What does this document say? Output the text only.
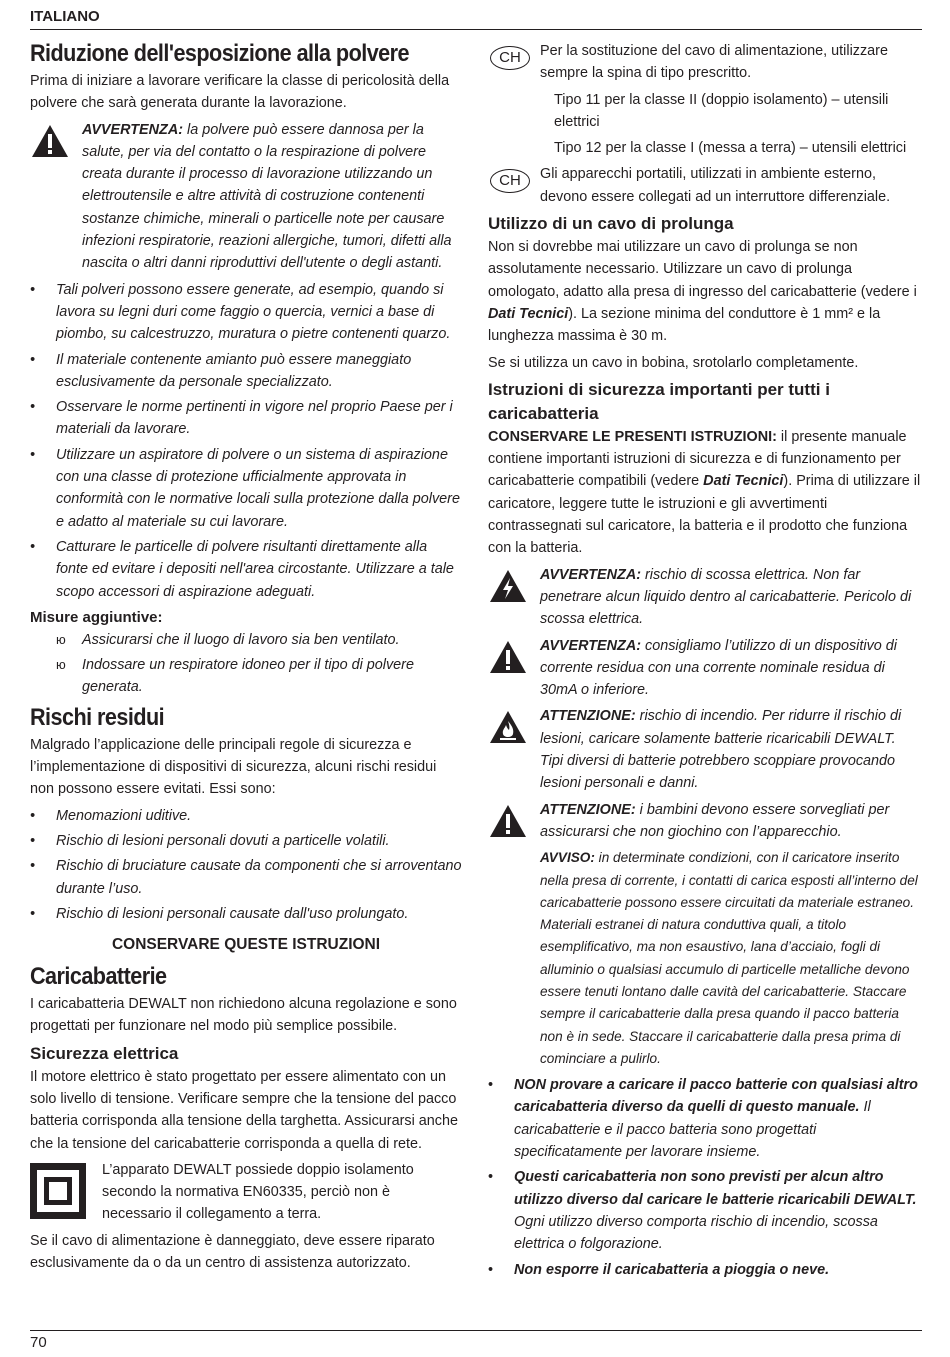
ITALIANO
Riduzione dell'esposizione alla polvere

Prima di iniziare a lavorare verificare la classe di pericolosità della polvere che sarà generata durante la lavorazione.

AVVERTENZA: la polvere può essere dannosa per la salute, per via del contatto o la respirazione di polvere creata durante il processo di lavorazione utilizzando un elettroutensile e altre attività di costruzione contenenti sostanze chimiche, minerali o particelle note per causare infezioni respiratorie, reazioni allergiche, tumori, difetti alla nascita o altri danni riproduttivi dell'utente o degli astanti.

• Tali polveri possono essere generate, ad esempio, quando si lavora su legni duri come faggio o quercia, vernici a base di piombo, su calcestruzzo, muratura o pietre contenenti quarzo.
• Il materiale contenente amianto può essere maneggiato esclusivamente da personale specializzato.
• Osservare le norme pertinenti in vigore nel proprio Paese per i materiali da lavorare.
• Utilizzare un aspiratore di polvere o un sistema di aspirazione con una classe di protezione ufficialmente approvata in conformità con le normative locali sulla protezione dalla polvere e adatto al materiale su cui lavorare.
• Catturare le particelle di polvere risultanti direttamente alla fonte ed evitare i depositi nell'area circostante. Utilizzare a tale scopo accessori di aspirazione adeguati.
Misure aggiuntive:
ю Assicurarsi che il luogo di lavoro sia ben ventilato.
ю Indossare un respiratore idoneo per il tipo di polvere generata.
Rischi residui

Malgrado l’applicazione delle principali regole di sicurezza e l’implementazione di dispositivi di sicurezza, alcuni rischi residui non possono essere evitati. Essi sono:

• Menomazioni uditive.
• Rischio di lesioni personali dovuti a particelle volatili.
• Rischio di bruciature causate da componenti che si arroventano durante l’uso.
• Rischio di lesioni personali causate dall'uso prolungato.
CONSERVARE QUESTE ISTRUZIONI
Caricabatterie

I caricabatteria DEWALT non richiedono alcuna regolazione e sono progettati per funzionare nel modo più semplice possibile.

Sicurezza elettrica

Il motore elettrico è stato progettato per essere alimentato con un solo livello di tensione. Verificare sempre che la tensione del pacco batteria corrisponda alla tensione della targhetta. Assicurarsi anche che la tensione del caricabatterie corrisponda a quella di rete.

L’apparato DEWALT possiede doppio isolamento secondo la normativa EN60335, perciò non è necessario il collegamento a terra.

Se il cavo di alimentazione è danneggiato, deve essere riparato esclusivamente da o da un centro di assistenza autorizzato.

CH	Per la sostituzione del cavo di alimentazione, utilizzare sempre la spina di tipo prescritto.

Tipo 11 per la classe II (doppio isolamento) – utensili elettrici

Tipo 12 per la classe I (messa a terra) – utensili elettrici

CH	Gli apparecchi portatili, utilizzati in ambiente esterno, devono essere collegati ad un interruttore differenziale.

Utilizzo di un cavo di prolunga

Non si dovrebbe mai utilizzare un cavo di prolunga se non assolutamente necessario. Utilizzare un cavo di prolunga omologato, adatto alla presa di ingresso del caricabatterie (vedere i Dati Tecnici). La sezione minima del conduttore è 1 mm² e la lunghezza massima è 30 m.

Se si utilizza un cavo in bobina, srotolarlo completamente.

Istruzioni di sicurezza importanti per tutti i caricabatteria

CONSERVARE LE PRESENTI ISTRUZIONI: il presente manuale contiene importanti istruzioni di sicurezza e di funzionamento per caricabatterie compatibili (vedere Dati Tecnici). Prima di utilizzare il caricatore, leggere tutte le istruzioni e gli avvertimenti contrassegnati sul caricatore, la batteria e il prodotto che funziona con la batteria.

AVVERTENZA: rischio di scossa elettrica. Non far penetrare alcun liquido dentro al caricabatterie. Pericolo di scossa elettrica.

AVVERTENZA: consigliamo l’utilizzo di un dispositivo di corrente residua con una corrente nominale residua di 30mA o inferiore.

ATTENZIONE: rischio di incendio. Per ridurre il rischio di lesioni, caricare solamente batterie ricaricabili DEWALT. Tipi diversi di batterie potrebbero scoppiare provocando lesioni personali e danni.

ATTENZIONE: i bambini devono essere sorvegliati per assicurarsi che non giochino con l’apparecchio.

AVVISO: in determinate condizioni, con il caricatore inserito nella presa di corrente, i contatti di carica esposti all’interno del caricabatterie possono essere circuitati da materiale estraneo. Materiali estranei di natura conduttiva quali, a titolo esemplificativo, ma non esaustivo, lana d’acciaio, fogli di alluminio o qualsiasi accumulo di particelle metalliche devono essere tenuti lontano dalle cavità del caricabatterie. Staccare sempre il caricabatterie dalla presa quando il pacco batteria non è in sede. Staccare il caricabatterie dalla presa prima di cominciare a pulirlo.

• NON provare a caricare il pacco batterie con qualsiasi altro caricabatteria diverso da quelli di questo manuale. Il caricabatterie e il pacco batteria sono progettati specificatamente per lavorare insieme.
• Questi caricabatteria non sono previsti per alcun altro utilizzo diverso dal caricare le batterie ricaricabili DEWALT. Ogni utilizzo diverso comporta rischio di incendio, scossa elettrica o folgorazione.
• Non esporre il caricabatteria a pioggia o neve.
70
